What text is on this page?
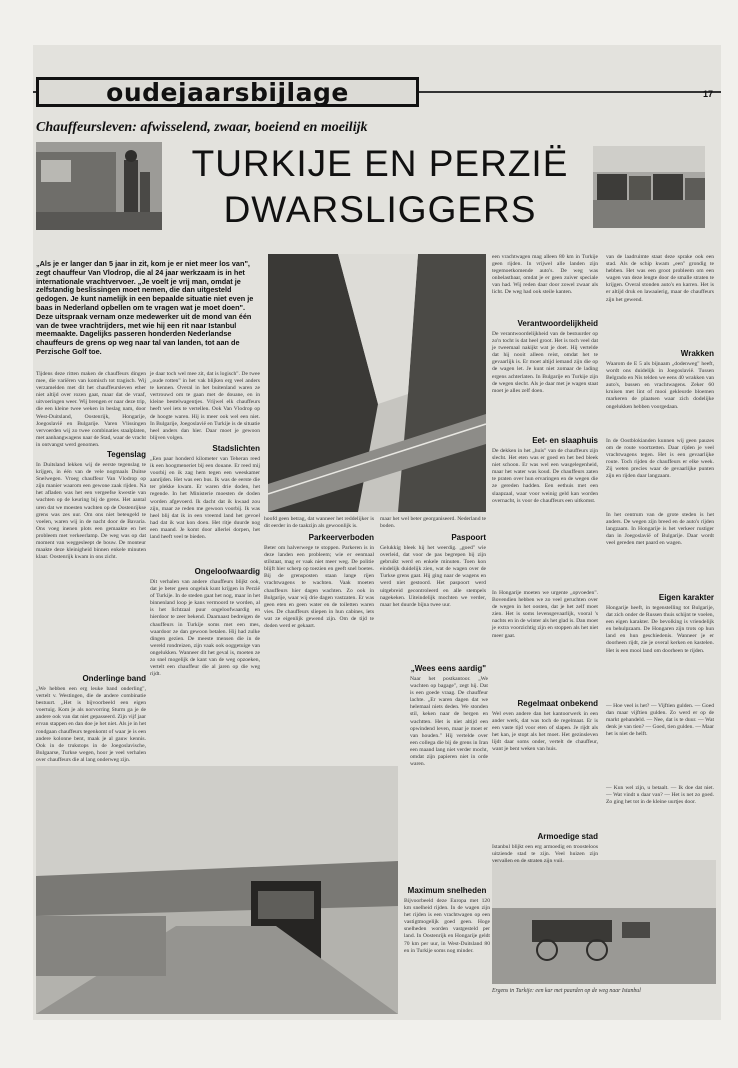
oudejaarsbijlage	17
Chauffeursleven: afwisselend, zwaar, boeiend en moeilijk
TURKIJE EN PERZIË
DWARSLIGGERS
Ergens in Turkije: een kar met paarden op de weg naar Istanbul
„Als je er langer dan 5 jaar in zit, kom je er niet meer los van", zegt chauffeur Van Vlodrop, die al 24 jaar werkzaam is in het internationale vrachtvervoer. „Je voelt je vrij man, omdat je zelfstandig beslissingen moet nemen, die dan uitgesteld gedogen. Je kunt namelijk in een bepaalde situatie niet even je baas in Nederland opbellen om te vragen wat je moet doen". Deze uitspraak vernam onze medewerker uit de mond van één van de twee vrachtrijders, met wie hij een rit naar Istanbul meemaakte. Dagelijks passeren honderden Nederlandse chauffeurs de grens op weg naar tal van landen, tot aan de Perzische Golf toe.
Tijdens deze ritten maken de chauffeurs dingen mee, die variëren van komisch tot tragisch. Wij verzamelden met dit het chauffeursleven ether niet altijd over rozen gaat, maar dat de vraaf, uitvoeringen weer. Wij brengen er naar deze trip, die een kleine twee weken in beslag nam, door West-Duitsland, Oostenrijk, Hongarije, Joegoslavië en Bulgarije. Varen Vlissingen vervoerden wij zo twee combinaties staalplaten, met aanhangwagens naar de Stad, waar de vracht in ontvangst werd genomen.
Tegenslag
In Duitsland lekken wij de eerste tegenslag te krijgen, in één van de vele nogmaals Duitse Snelwegen. Vroeg chauffeur Van Vlodrop op zijn manier waarom een gewone zaak rijden. Na het afladen was het een vergeefse kwestie van wachten op de keuring bij de grens. Het aantal uren dat we moesten wachten op de Oostenrijkse grens was zes uur. Om ons niet beteugeld te voelen, waren wij in de nacht door de Bavaria. Ons voeg inenen plots een gemaakte en het probleem met verkeerlamp. De weg was op dat moment van weggesleept de bouw. De monteur maakte deze kleinigheid binnen enkele minuten klaar. Oostenrijk kwam in ons zicht.
Onderlinge band
„We hebben een erg leuke band onderling", vertelt v. Westingen, die de andere combinatie bestuurt. „Het is bijvoorbeeld een eigen voertuig. Kom je als norvorring Sturm ga je de andere ook van dat niet gepasseerd. Zijn vijf jaar ervan stappen en dan doe je het niet. Als je in het rondgaan chauffeurs tegenkomt of waar je is een andere kolonne bent, maak je al gauw kennis. Ook in de trukstops in de Joegoslavische, Bulgaarse, Turkse wegen, hoor je veel verhalen over chauffeurs die al lang onderweg zijn.
je daar toch wel mee zit, dat is logisch". De twee „oude rotten" in het vak blijken erg veel anders te kennen. Overal in het buitenland waren ze vertrouwd om te gaan met de douane, en in kleine bestelwagentjes. Vrijwel elk chauffeurs heeft wel iets te vertellen. Ook Van Vlodrop op de hoogte waren. Hij is meer ook wel een niet. In Bulgarije, Joegoslavië en Turkije is de situatie heel anders dan hier. Daar moet je gewoon blijven volgen.
Stadslichten
„Een paar honderd kilometer van Teheran reed ik een hoogmeneriet bij een douane. Er reed mij voorbij en ik zag hem tegen een weeskamer aanrijden. Het was een bus. Ik was de eerste die ter plekke kwam. Er waren drie doden, het regende. In het Ministerie moesten de doden worden afgevoerd. Ik dacht dat ik kwaad zou zijn, maar ze reden me gewoon voorbij. Ik was heel blij dat ik in een vreemd land het gevoel had dat ik wat kon doen. Het ritje duurde nog een maand. Je komt door allerlei dorpen, het land heeft veel te bieden.
Ongeloofwaardig
Dit verhalen van andere chauffeurs blijkt ook, dat je beter geen ongeluk kunt krijgen in Perzië of Turkije. In de steden gaat het nog, maar in het binnenland loop je kans vermoord te worden, al is het lichtzaal puur ongeloofwaardig en hierdoor te zeer bekend. Daarnaast bedreigen de chauffeurs in Turkije soms met een mes, waardoor ze dan gewoon betalen. Hij had zulke dingen gezien. De meeste mensen die in de wereld rondreizen, zijn vaak ook ooggetuige van ongelukken. Wanneer dit het geval is, moeten ze zo snel mogelijk de kant van de weg opzoeken, vertelt een chauffeur die al jaren op die weg rijdt.
hoofd geen betrag, dat wanneer het reddelijker is dit eerder in de taakzijn als gewoonlijk is.
Parkeerverboden
Beter om halverwege te stoppen. Parkeren is in deze landen een probleem; wie er eenmaal stilstaat, mag er vaak niet meer weg. De politie blijft hier scherp op toezien en geeft snel boetes. Bij de grensposten staan lange rijen vrachtwagens te wachten. Vaak moeten chauffeurs hier dagen wachten. Zo ook in Bulgarije, waar wij drie dagen vastzaten. Er was geen eten en geen water en de toiletten waren vies. De chauffeurs sliepen in hun cabines, iets wat ze eigenlijk gewend zijn. Om de tijd te doden werd er gekaart.
maar het wel beter georganiseerd. Nederland te boden.
Paspoort
Gelukkig bleek hij het weerdig. „goed" wie overleid, dat voor de pas begrepen bij zijn gebruikt werd en enkele minuten. Toen kon eindelijk duidelijk zien, wat de wagen over de Turkse grens gaat. Hij ging naar de wagens en werd niet gestoord. Het paspoort werd uitgebreid gecontroleerd en alle stempels nagekeken. Uiteindelijk mochten we verder, maar het duurde bijna twee uur.
„Wees eens aardig"
Naar het postkantoor. „We wachten op bagage", zegt hij. Dat is een goede vraag. De chauffeur lachte. „Er waren dagen dat we helemaal niets deden. We stonden stil, keken naar de bergen en wachtten. Het is niet altijd een opwindend leven, maar je moet er van houden." Hij vertelde over een collega die bij de grens in Iran een maand lang niet verder mocht, omdat zijn papieren niet in orde waren.
Maximum snelheden
Bijvoorbeeld deze Europa met 120 km snelheid rijden. In de wagen zijn het rijden is een vrachtwagen op een vastigtmogelijk goed geen. Hoge snelheden worden vastgesteld per land. In Oostenrijk en Hongarije geldt 70 km per uur, in West-Duitsland 80 en in Turkije soms nog minder.
een vrachtwagen mag alleen 80 km in Turkije geen rijden. In vrijwel alle landen zijn tegemoetkomende auto's. De weg was onbelastbaar, omdat je er geen zuiver speciale van had. Wij reden daar door zowel zwaar als licht. De weg had ook steile kanten.
Verantwoordelijkheid
De verantwoordelijkheid van de bestuurder op zo'n tocht is dat heel groot. Het is toch veel dat je tweemaal nakijkt wat je doet. Hij vertelde dat hij nooit alleen reist, omdat het te gevaarlijk is. Er moet altijd iemand zijn die op de wagen let. Je kunt niet zomaar de lading ergens achterlaten. In Bulgarije en Turkije zijn de wegen slecht. Als je daar met je wagen staat moet je alles zelf doen.
Eet- en slaaphuis
De dekken in het „huis" van de chauffeurs zijn slecht. Het eten was er goed en het bed bleek niet schoon. Er was wel een wasgelegenheid, maar het water was koud. De chauffeurs zaten te praten over hun ervaringen en de wegen die ze gereden hadden. Een eethuis met een slaapzaal, waar voor weinig geld kan worden overnacht, is voor de chauffeurs een uitkomst.
In Hongarije moeten we urgente „opvoeden". Bovendien hebben we zo veel geruchten over de wegen in het oosten, dat je het zelf moet zien. Het is soms levensgevaarlijk, vooral 's nachts en in de winter als het glad is. Dan moet je extra voorzichtig zijn en stoppen als het niet meer gaat.
Regelmaat onbekend
Wel even andere dan het kantoorwerk in een ander werk, dat was toch de regelmaat. Er is een vaste tijd voor eten of slapen. Je rijdt als het kan, je stopt als het moet. Het gezinsleven lijdt daar soms onder, vertelt de chauffeur, want je bent weken van huis.
Armoedige stad
Istanbul blijkt een erg armoedig en troosteloos uitziende stad te zijn. Veel huizen zijn vervallen en de straten zijn vuil.
van de laadruimte staat deze sprake ook een stad. Als de schip kwam „een" grondig te hebben. Het was een groot probleem om een wagen van deze lengte door de smalle straten te krijgen. Overal stonden auto's en karren. Het is er altijd druk en lawaaierig, maar de chauffeurs zijn het gewend.
Wrakken
Waarom de E 5 als bijnaam „dodenweg" heeft, wordt ons duidelijk in Joegoslavië. Tussen Belgrado en Nis telden we eens 40 wrakken van auto's, bussen en vrachtwagens. Zeker 60 kruisen met lint of mooi gekleurde bloemen markeren de plaatsen waar zich dodelijke ongelukken hebben voorgedaan.
In de Oostblokianden kunnen wij geen pauzes om de route voortzetten. Daar rijden je veel vrachtwagens tegen. Het is een gevaarlijke route. Toch rijden de chauffeurs er elke week. Zij weten precies waar de gevaarlijke punten zijn en rijden daar langzaam.
In het centrum van de grote steden is het anders. De wegen zijn breed en de auto's rijden langzaam. In Hongarije is het verkeer rustiger dan in Joegoslavië of Bulgarije. Daar wordt veel gereden met paard en wagen.
Eigen karakter
Hongarije heeft, in tegenstelling tot Bulgarije, dat zich onder de Russen thuis schijnt te voelen, een eigen karakter. De bevolking is vriendelijk en behulpzaam. De Hongaren zijn trots op hun land en hun geschiedenis. Wanneer je er doorheen rijdt, zie je overal kerken en kastelen. Het is een mooi land om doorheen te rijden.
— Hoe veel is het? — Vijftien gulden. — Goed dan maar vijftien gulden. Zo werd er op de markt gehandeld. — Nee, dat is te duur. — Wat denk je van tien? — Goed, tien gulden. — Maar het is niet de helft.
— Kun wel zijn, u betaalt. — Ik doe dat niet. — Wat vindt u daar van? — Het is net zo goed. Zo ging het tot in de kleine uurtjes door.
